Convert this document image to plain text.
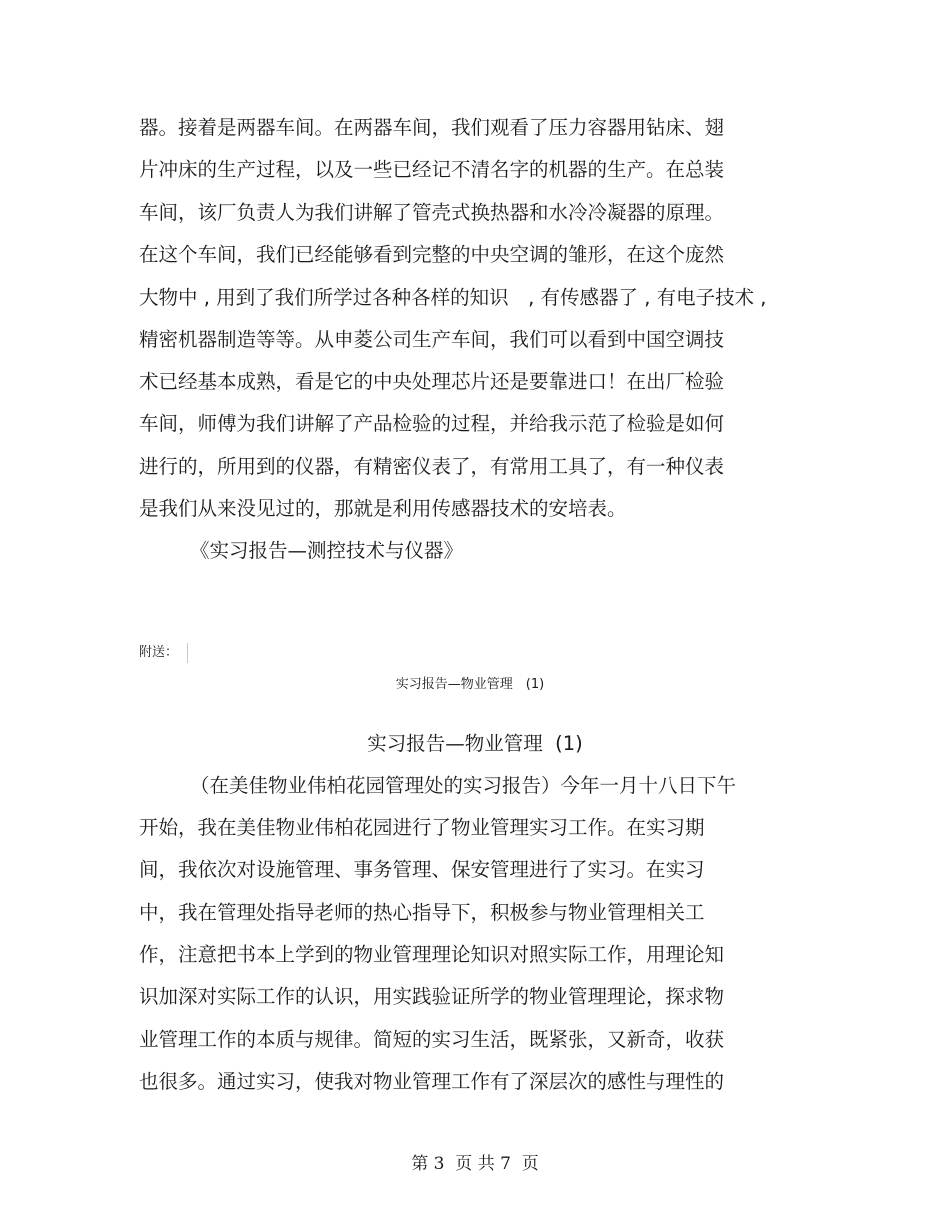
器。接着是两器车间。在两器车间，我们观看了压力容器用钻床、翅
片冲床的生产过程，以及一些已经记不清名字的机器的生产。在总装
车间，该厂负责人为我们讲解了管壳式换热器和水冷冷凝器的原理。
在这个车间，我们已经能够看到完整的中央空调的雏形，在这个庞然
大物中 , 用到了我们所学过各种各样的知识　, 有传感器了 , 有电子技术 ,
精密机器制造等等。从申菱公司生产车间，我们可以看到中国空调技
术已经基本成熟，看是它的中央处理芯片还是要靠进口！在出厂检验
车间，师傅为我们讲解了产品检验的过程，并给我示范了检验是如何
进行的，所用到的仪器，有精密仪表了，有常用工具了，有一种仪表
是我们从来没见过的，那就是利用传感器技术的安培表。
《实习报告—测控技术与仪器》
附送：
实习报告—物业管理　(1)
实习报告—物业管理  (1)
（在美佳物业伟柏花园管理处的实习报告）今年一月十八日下午
开始，我在美佳物业伟柏花园进行了物业管理实习工作。在实习期
间，我依次对设施管理、事务管理、保安管理进行了实习。在实习
中，我在管理处指导老师的热心指导下，积极参与物业管理相关工
作，注意把书本上学到的物业管理理论知识对照实际工作，用理论知
识加深对实际工作的认识，用实践验证所学的物业管理理论，探求物
业管理工作的本质与规律。简短的实习生活，既紧张，又新奇，收获
也很多。通过实习，使我对物业管理工作有了深层次的感性与理性的
第 3  页 共 7  页
